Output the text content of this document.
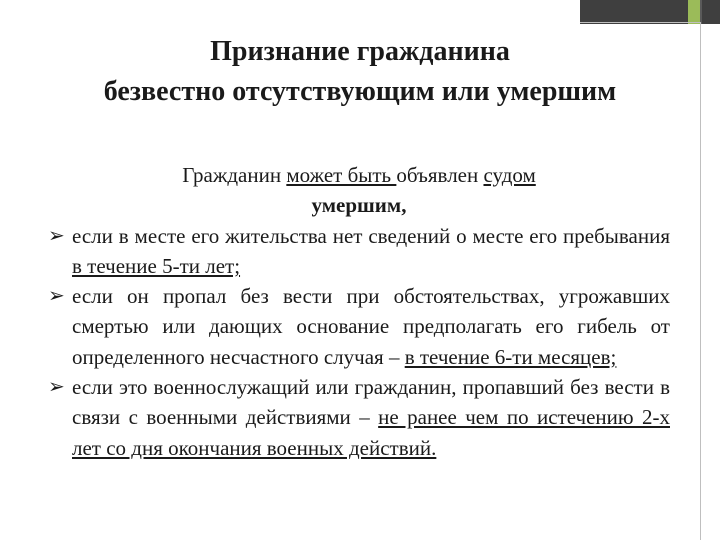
Признание гражданина
безвестно отсутствующим или умершим

Гражданин может быть объявлен судом
умершим,

➢ если в месте его жительства нет сведений о месте его пребывания в течение 5-ти лет;
➢ если он пропал без вести при обстоятельствах, угрожавших смертью или дающих основание предполагать его гибель от определенного несчастного случая – в течение 6-ти месяцев;
➢ если это военнослужащий или гражданин, пропавший без вести в связи с военными действиями – не ранее чем по истечению 2-х лет со дня окончания военных действий.
